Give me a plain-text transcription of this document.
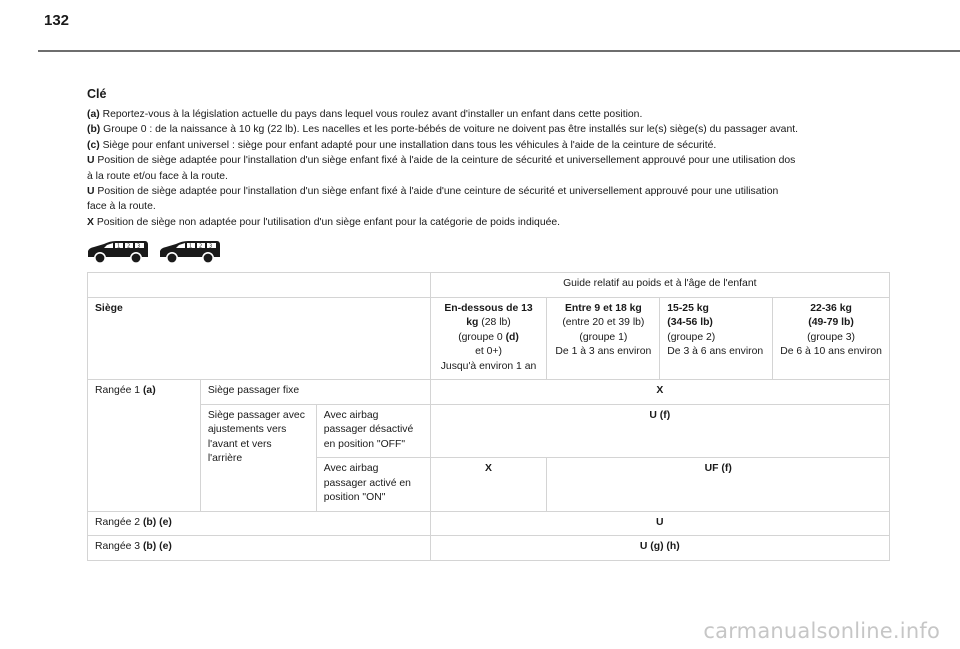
132
Clé
(a) Reportez-vous à la législation actuelle du pays dans lequel vous roulez avant d'installer un enfant dans cette position.
(b) Groupe 0 : de la naissance à 10 kg (22 lb). Les nacelles et les porte-bébés de voiture ne doivent pas être installés sur le(s) siège(s) du passager avant.
(c) Siège pour enfant universel : siège pour enfant adapté pour une installation dans tous les véhicules à l'aide de la ceinture de sécurité.
U Position de siège adaptée pour l'installation d'un siège enfant fixé à l'aide de la ceinture de sécurité et universellement approuvé pour une utilisation dos
à la route et/ou face à la route.
U Position de siège adaptée pour l'installation d'un siège enfant fixé à l'aide d'une ceinture de sécurité et universellement approuvé pour une utilisation
face à la route.
X Position de siège non adaptée pour l'utilisation d'un siège enfant pour la catégorie de poids indiquée.
1 2 3	1 2 3
			Guide relatif au poids et à l'âge de l'enfant			
Siège			En-dessous de 13 kg (28 lb)
(groupe 0 (d)
et 0+)
Jusqu'à environ 1 an	Entre 9 et 18 kg
(entre 20 et 39 lb)
(groupe 1)
De 1 à 3 ans environ	15-25 kg
(34-56 lb)
(groupe 2)
De 3 à 6 ans environ	22-36 kg
(49-79 lb)
(groupe 3)
De 6 à 10 ans environ
Rangée 1 (a)	Siège passager fixe		X			
	Siège passager avec ajustements vers l'avant et vers l'arrière	Avec airbag passager désactivé en position "OFF"	U (f)			
		Avec airbag passager activé en position "ON"	X	UF (f)		
Rangée 2 (b) (e)			U			
Rangée 3 (b) (e)			U (g) (h)			
carmanualsonline.info
